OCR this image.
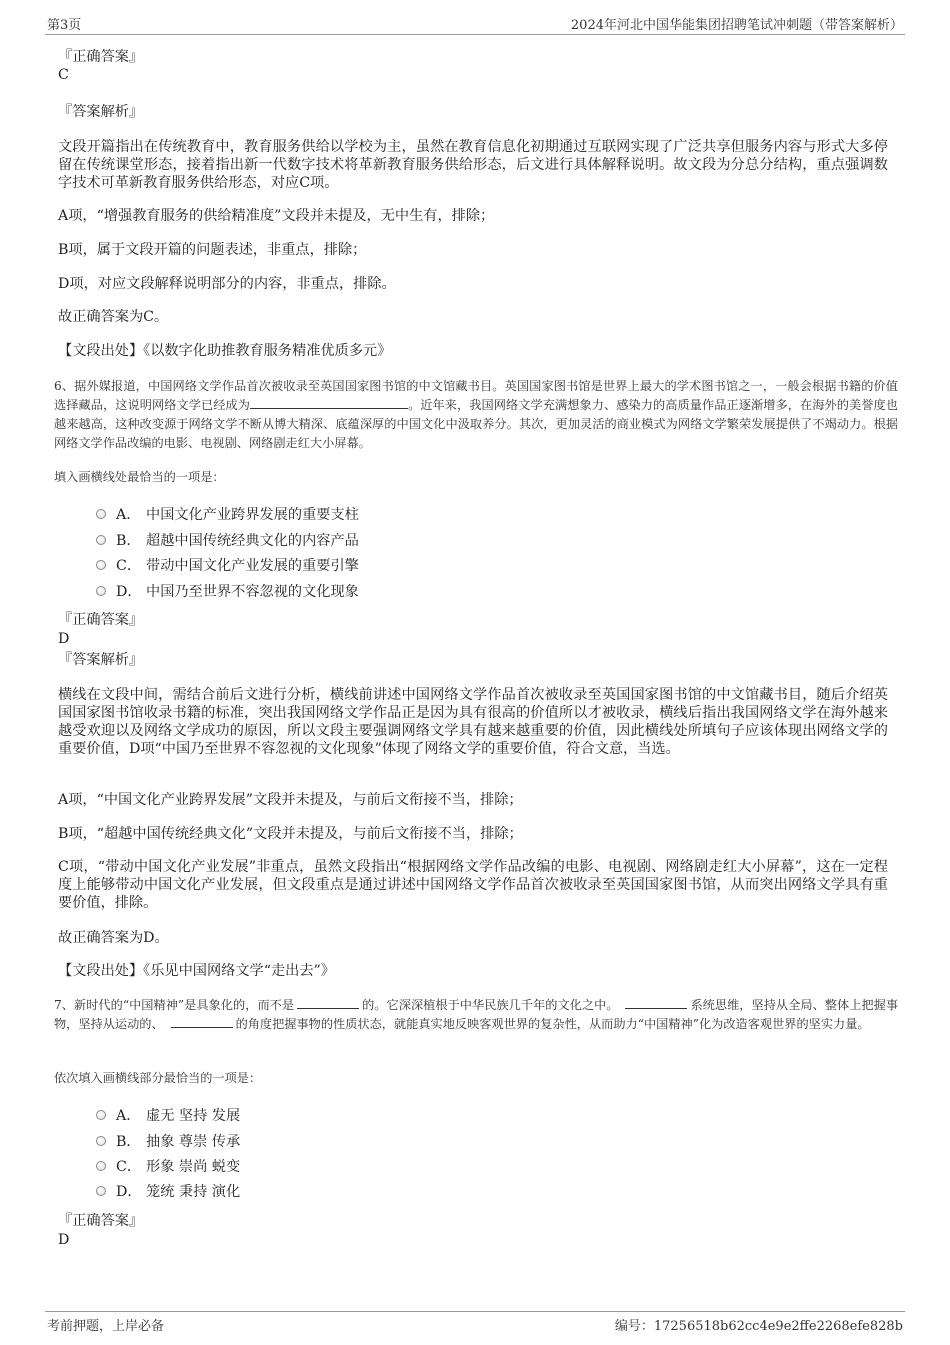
第3页	2024年河北中国华能集团招聘笔试冲刺题（带答案解析）
『正确答案』
C
『答案解析』
文段开篇指出在传统教育中，教育服务供给以学校为主，虽然在教育信息化初期通过互联网实现了广泛共享但服务内容与形式大多停留在传统课堂形态，接着指出新一代数字技术将革新教育服务供给形态，后文进行具体解释说明。故文段为分总分结构，重点强调数字技术可革新教育服务供给形态，对应C项。
A项，“增强教育服务的供给精准度”文段并未提及，无中生有，排除；
B项，属于文段开篇的问题表述，非重点，排除；
D项，对应文段解释说明部分的内容，非重点，排除。
故正确答案为C。
【文段出处】《以数字化助推教育服务精准优质多元》
6、据外媒报道，中国网络文学作品首次被收录至英国国家图书馆的中文馆藏书目。英国国家图书馆是世界上最大的学术图书馆之一，一般会根据书籍的价值选择藏品，这说明网络文学已经成为	。近年来，我国网络文学充满想象力、感染力的高质量作品正逐渐增多，在海外的美誉度也越来越高，这种改变源于网络文学不断从博大精深、底蕴深厚的中国文化中汲取养分。其次，更加灵活的商业模式为网络文学繁荣发展提供了不竭动力。根据网络文学作品改编的电影、电视剧、网络剧走红大小屏幕。
填入画横线处最恰当的一项是：
A． 中国文化产业跨界发展的重要支柱
B． 超越中国传统经典文化的内容产品
C． 带动中国文化产业发展的重要引擎
D． 中国乃至世界不容忽视的文化现象
『正确答案』
D
『答案解析』
横线在文段中间，需结合前后文进行分析，横线前讲述中国网络文学作品首次被收录至英国国家图书馆的中文馆藏书目，随后介绍英国国家图书馆收录书籍的标准，突出我国网络文学作品正是因为具有很高的价值所以才被收录，横线后指出我国网络文学在海外越来越受欢迎以及网络文学成功的原因，所以文段主要强调网络文学具有越来越重要的价值，因此横线处所填句子应该体现出网络文学的重要价值，D项“中国乃至世界不容忽视的文化现象”体现了网络文学的重要价值，符合文意，当选。
A项，“中国文化产业跨界发展”文段并未提及，与前后文衔接不当，排除；
B项，“超越中国传统经典文化”文段并未提及，与前后文衔接不当，排除；
C项，“带动中国文化产业发展”非重点，虽然文段指出“根据网络文学作品改编的电影、电视剧、网络剧走红大小屏幕”，这在一定程度上能够带动中国文化产业发展，但文段重点是通过讲述中国网络文学作品首次被收录至英国国家图书馆，从而突出网络文学具有重要价值，排除。
故正确答案为D。
【文段出处】《乐见中国网络文学“走出去”》
7、新时代的“中国精神”是具象化的，而不是	的。它深深植根于中华民族几千年的文化之中。	系统思维，坚持从全局、整体上把握事物，坚持从运动的、	的角度把握事物的性质状态，就能真实地反映客观世界的复杂性，从而助力“中国精神”化为改造客观世界的坚实力量。
依次填入画横线部分最恰当的一项是：
A． 虚无 坚持 发展
B． 抽象 尊崇 传承
C． 形象 崇尚 蜕变
D． 笼统 秉持 演化
『正确答案』
D
考前押题，上岸必备	编号：17256518b62cc4e9e2ffe2268efe828b
